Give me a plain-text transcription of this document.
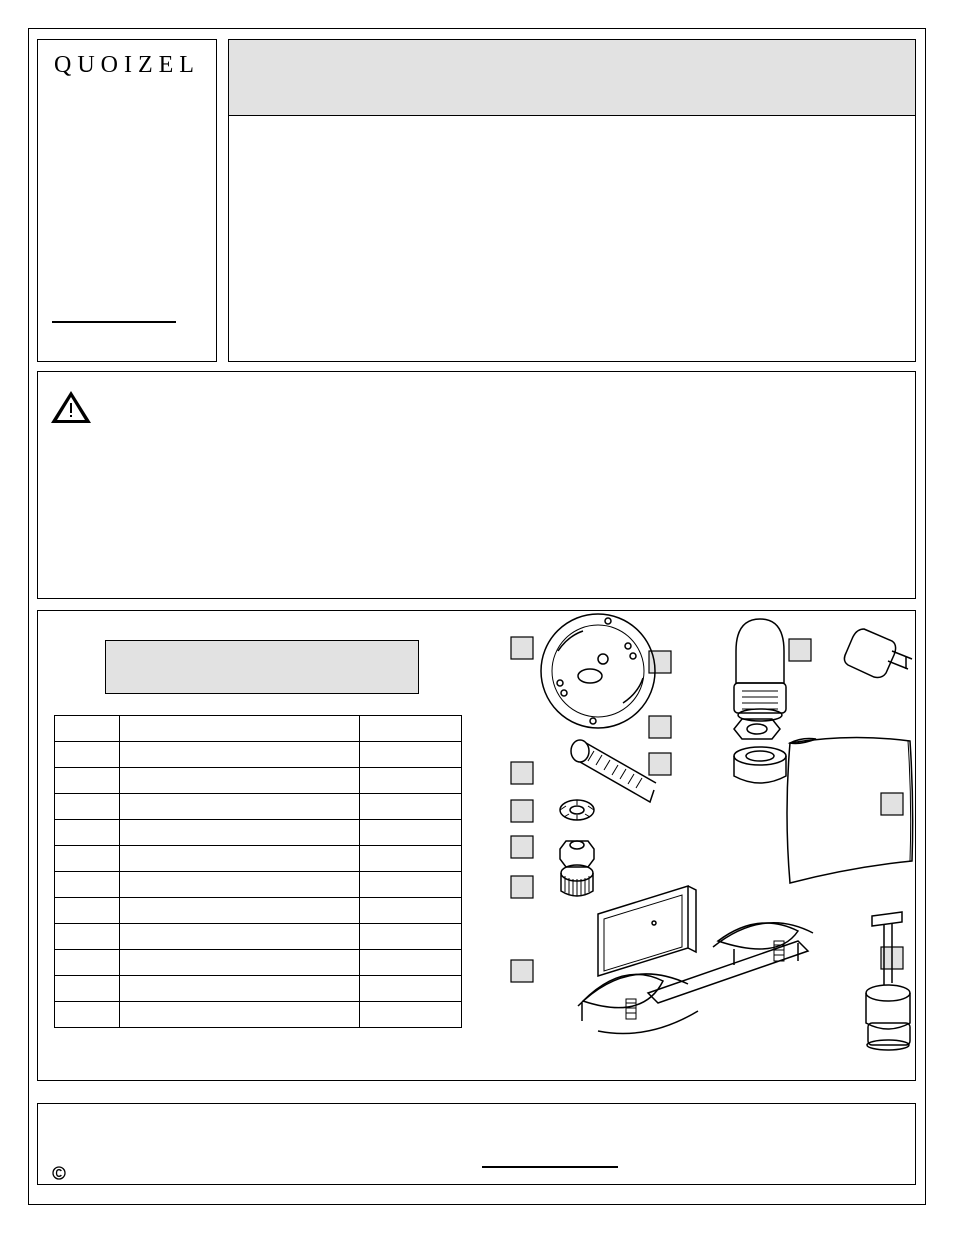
QUOIZEL
